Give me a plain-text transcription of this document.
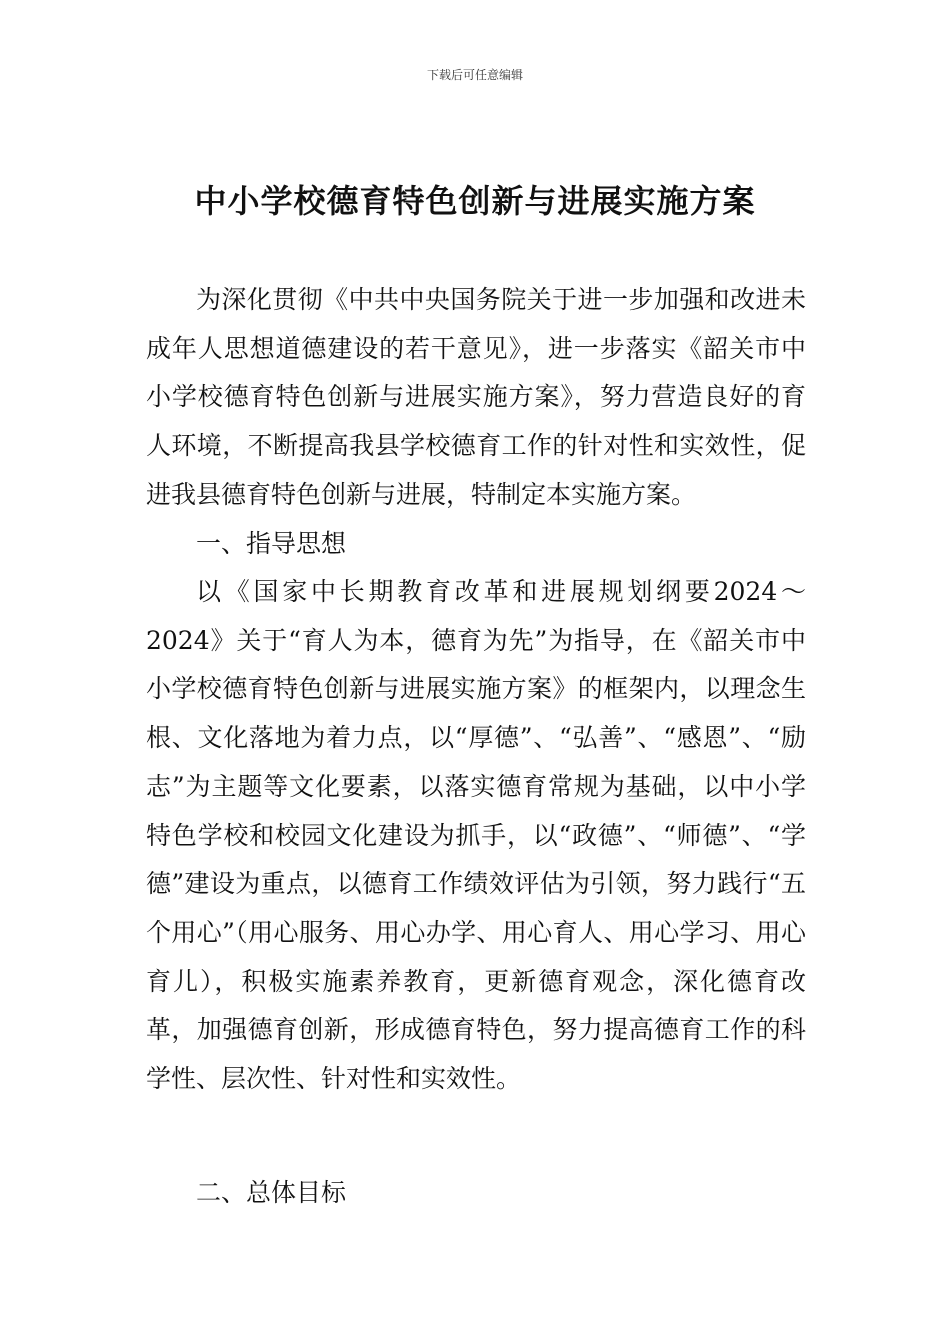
下载后可任意编辑
中小学校德育特色创新与进展实施方案

为深化贯彻《中共中央国务院关于进一步加强和改进未成年人思想道德建设的若干意见》，进一步落实《韶关市中小学校德育特色创新与进展实施方案》，努力营造良好的育人环境，不断提高我县学校德育工作的针对性和实效性，促进我县德育特色创新与进展，特制定本实施方案。

一、指导思想

以《国家中长期教育改革和进展规划纲要2024～2024》关于“育人为本，德育为先”为指导，在《韶关市中小学校德育特色创新与进展实施方案》的框架内，以理念生根、文化落地为着力点，以“厚德”、“弘善”、“感恩”、“励志”为主题等文化要素，以落实德育常规为基础，以中小学特色学校和校园文化建设为抓手，以“政德”、“师德”、“学德”建设为重点，以德育工作绩效评估为引领，努力践行“五个用心”（用心服务、用心办学、用心育人、用心学习、用心育儿），积极实施素养教育，更新德育观念，深化德育改革，加强德育创新，形成德育特色，努力提高德育工作的科学性、层次性、针对性和实效性。

二、总体目标
